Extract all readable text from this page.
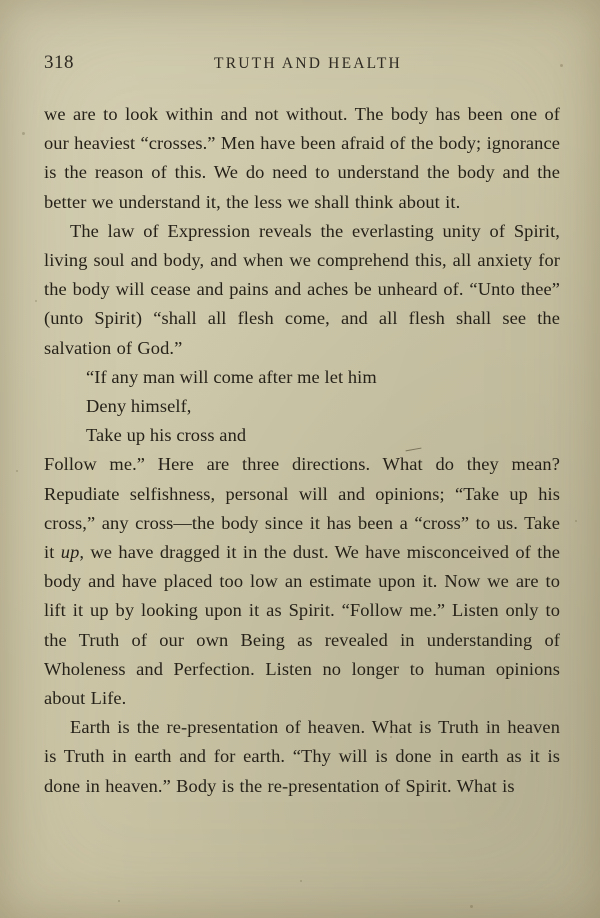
318	TRUTH AND HEALTH

we are to look within and not without. The body has been one of our heaviest “crosses.” Men have been afraid of the body; ignorance is the reason of this. We do need to understand the body and the better we understand it, the less we shall think about it.

The law of Expression reveals the everlasting unity of Spirit, living soul and body, and when we comprehend this, all anxiety for the body will cease and pains and aches be unheard of. “Unto thee” (unto Spirit) “shall all flesh come, and all flesh shall see the salvation of God.”

“If any man will come after me let him
Deny himself,
Take up his cross and

Follow me.” Here are three directions. What do they mean? Repudiate selfishness, personal will and opinions; “Take up his cross,” any cross—the body since it has been a “cross” to us. Take it up, we have dragged it in the dust. We have misconceived of the body and have placed too low an estimate upon it. Now we are to lift it up by looking upon it as Spirit. “Follow me.” Listen only to the Truth of our own Being as revealed in understanding of Wholeness and Perfection. Listen no longer to human opinions about Life.

Earth is the re-presentation of heaven. What is Truth in heaven is Truth in earth and for earth. “Thy will is done in earth as it is done in heaven.” Body is the re-presentation of Spirit. What is
